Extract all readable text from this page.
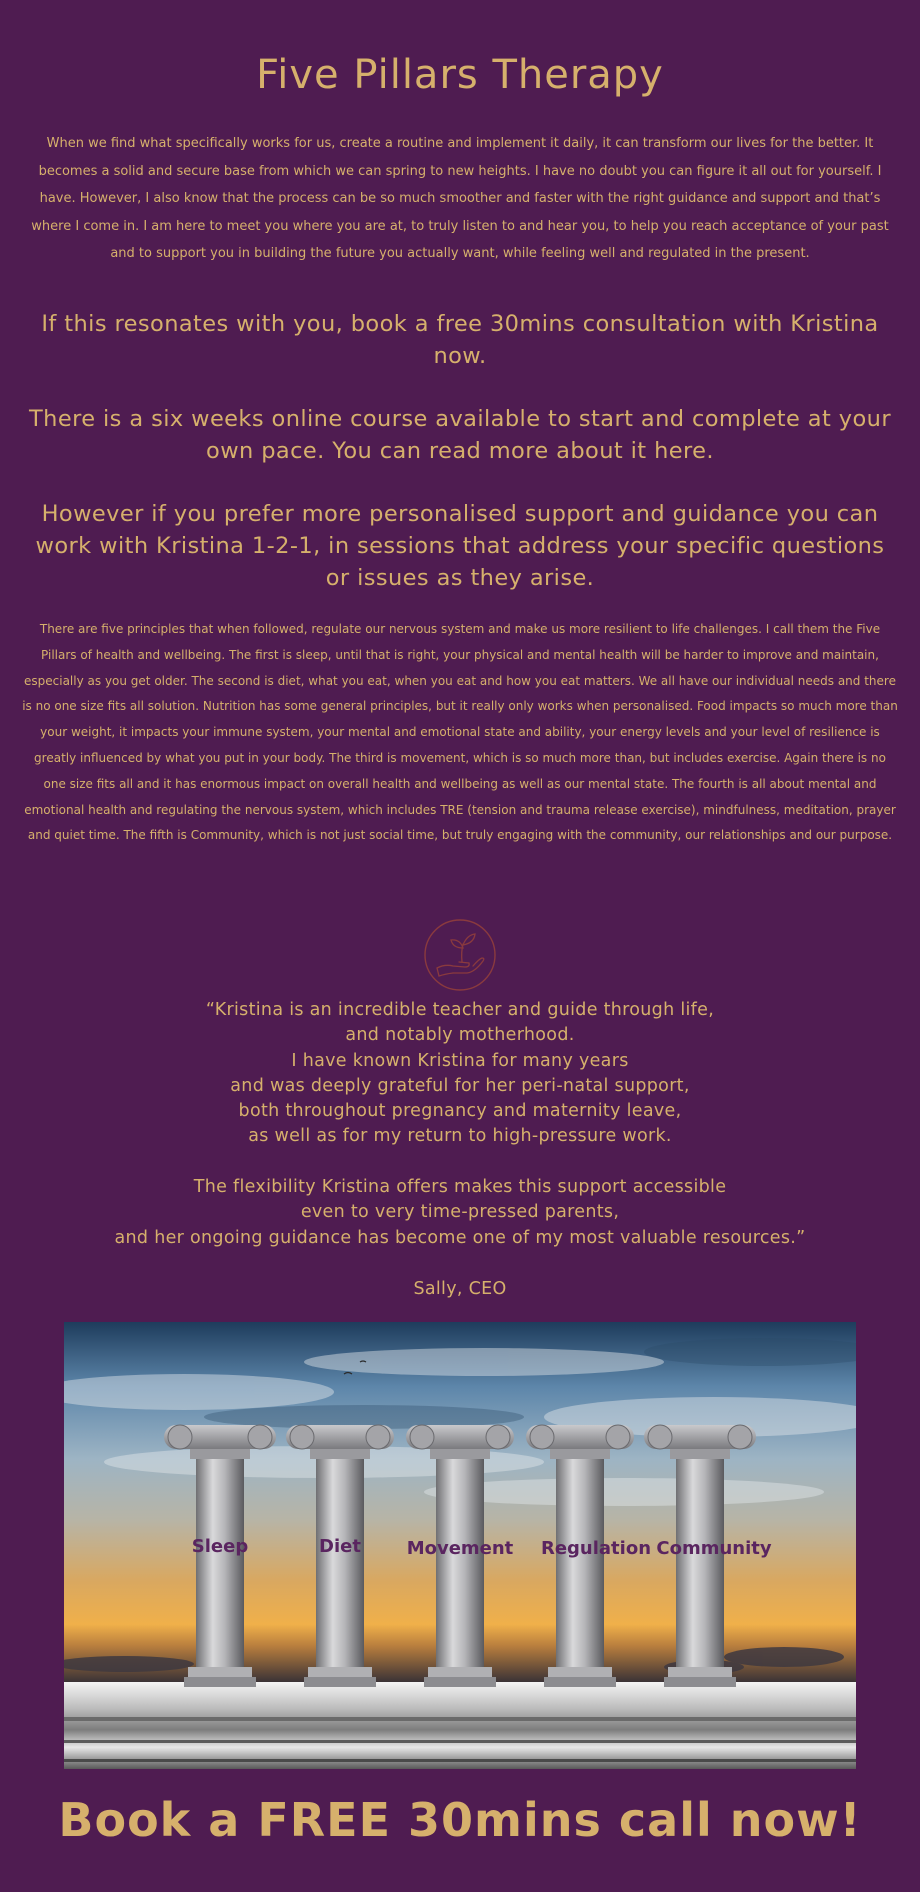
Five Pillars Therapy

When we find what specifically works for us, create a routine and implement it daily, it can transform our lives for the better. It becomes a solid and secure base from which we can spring to new heights. I have no doubt you can figure it all out for yourself. I have. However, I also know that the process can be so much smoother and faster with the right guidance and support and that’s where I come in. I am here to meet you where you are at, to truly listen to and hear you, to help you reach acceptance of your past and to support you in building the future you actually want, while feeling well and regulated in the present.

If this resonates with you, book a free 30mins consultation with Kristina now.

There is a six weeks online course available to start and complete at your own pace. You can read more about it here.

However if you prefer more personalised support and guidance you can work with Kristina 1-2-1, in sessions that address your specific questions or issues as they arise.

There are five principles that when followed, regulate our nervous system and make us more resilient to life challenges. I call them the Five Pillars of health and wellbeing. The first is sleep, until that is right, your physical and mental health will be harder to improve and maintain, especially as you get older. The second is diet, what you eat, when you eat and how you eat matters. We all have our individual needs and there is no one size fits all solution. Nutrition has some general principles, but it really only works when personalised. Food impacts so much more than your weight, it impacts your immune system, your mental and emotional state and ability, your energy levels and your level of resilience is greatly influenced by what you put in your body. The third is movement, which is so much more than, but includes exercise. Again there is no one size fits all and it has enormous impact on overall health and wellbeing as well as our mental state. The fourth is all about mental and emotional health and regulating the nervous system, which includes TRE (tension and trauma release exercise), mindfulness, meditation, prayer and quiet time. The fifth is Community, which is not just social time, but truly engaging with the community, our relationships and our purpose.

“Kristina is an incredible teacher and guide through life,
and notably motherhood.
I have known Kristina for many years
and was deeply grateful for her peri-natal support,
both throughout pregnancy and maternity leave,
as well as for my return to high-pressure work.
The flexibility Kristina offers makes this support accessible
even to very time-pressed parents,
and her ongoing guidance has become one of my most valuable resources.”

Sally, CEO

Sleep	Diet	Movement Regulation Community
Book a FREE 30mins call now!
